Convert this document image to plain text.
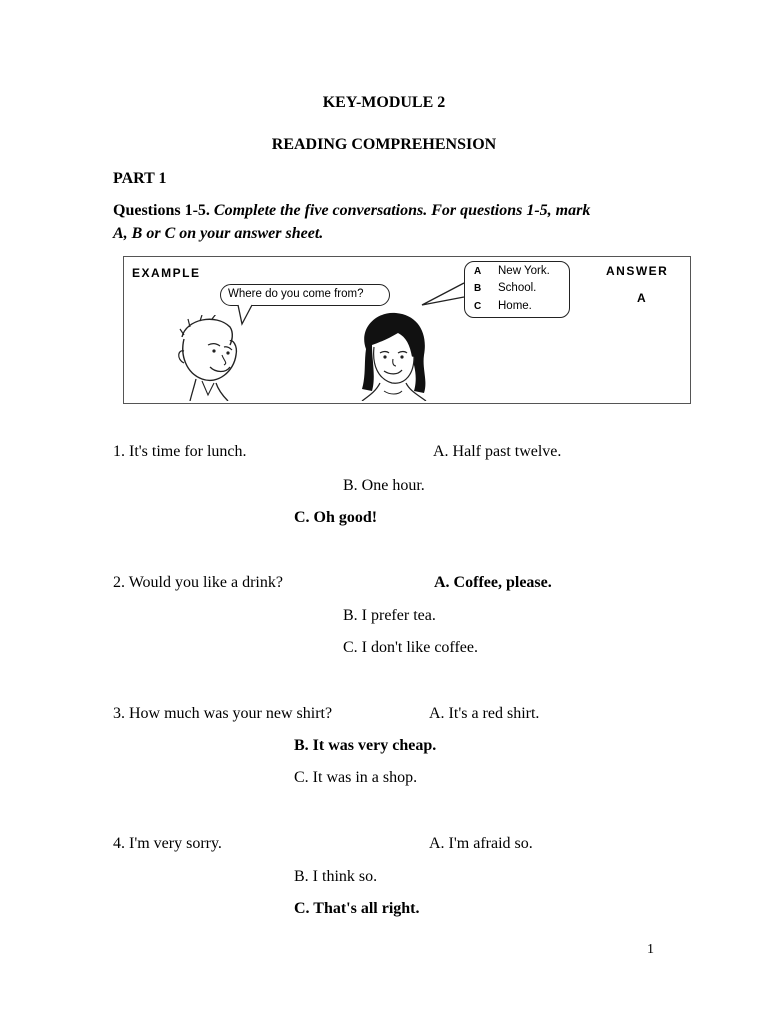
KEY-MODULE 2
READING COMPREHENSION
PART 1
Questions 1-5. Complete the five conversations. For questions 1-5, mark
A, B or C on your answer sheet.
EXAMPLE
Where do you come from?
A New York.
B School.
C Home.
ANSWER
A
1. It's time for lunch.	A. Half past twelve.
B. One hour.
C. Oh good!
2. Would you like a drink?	A. Coffee, please.
B. I prefer tea.
C. I don't like coffee.
3. How much was your new shirt?	A. It's a red shirt.
B. It was very cheap.
C. It was in a shop.
4. I'm very sorry.	A. I'm afraid so.
B. I think so.
C. That's all right.
1
